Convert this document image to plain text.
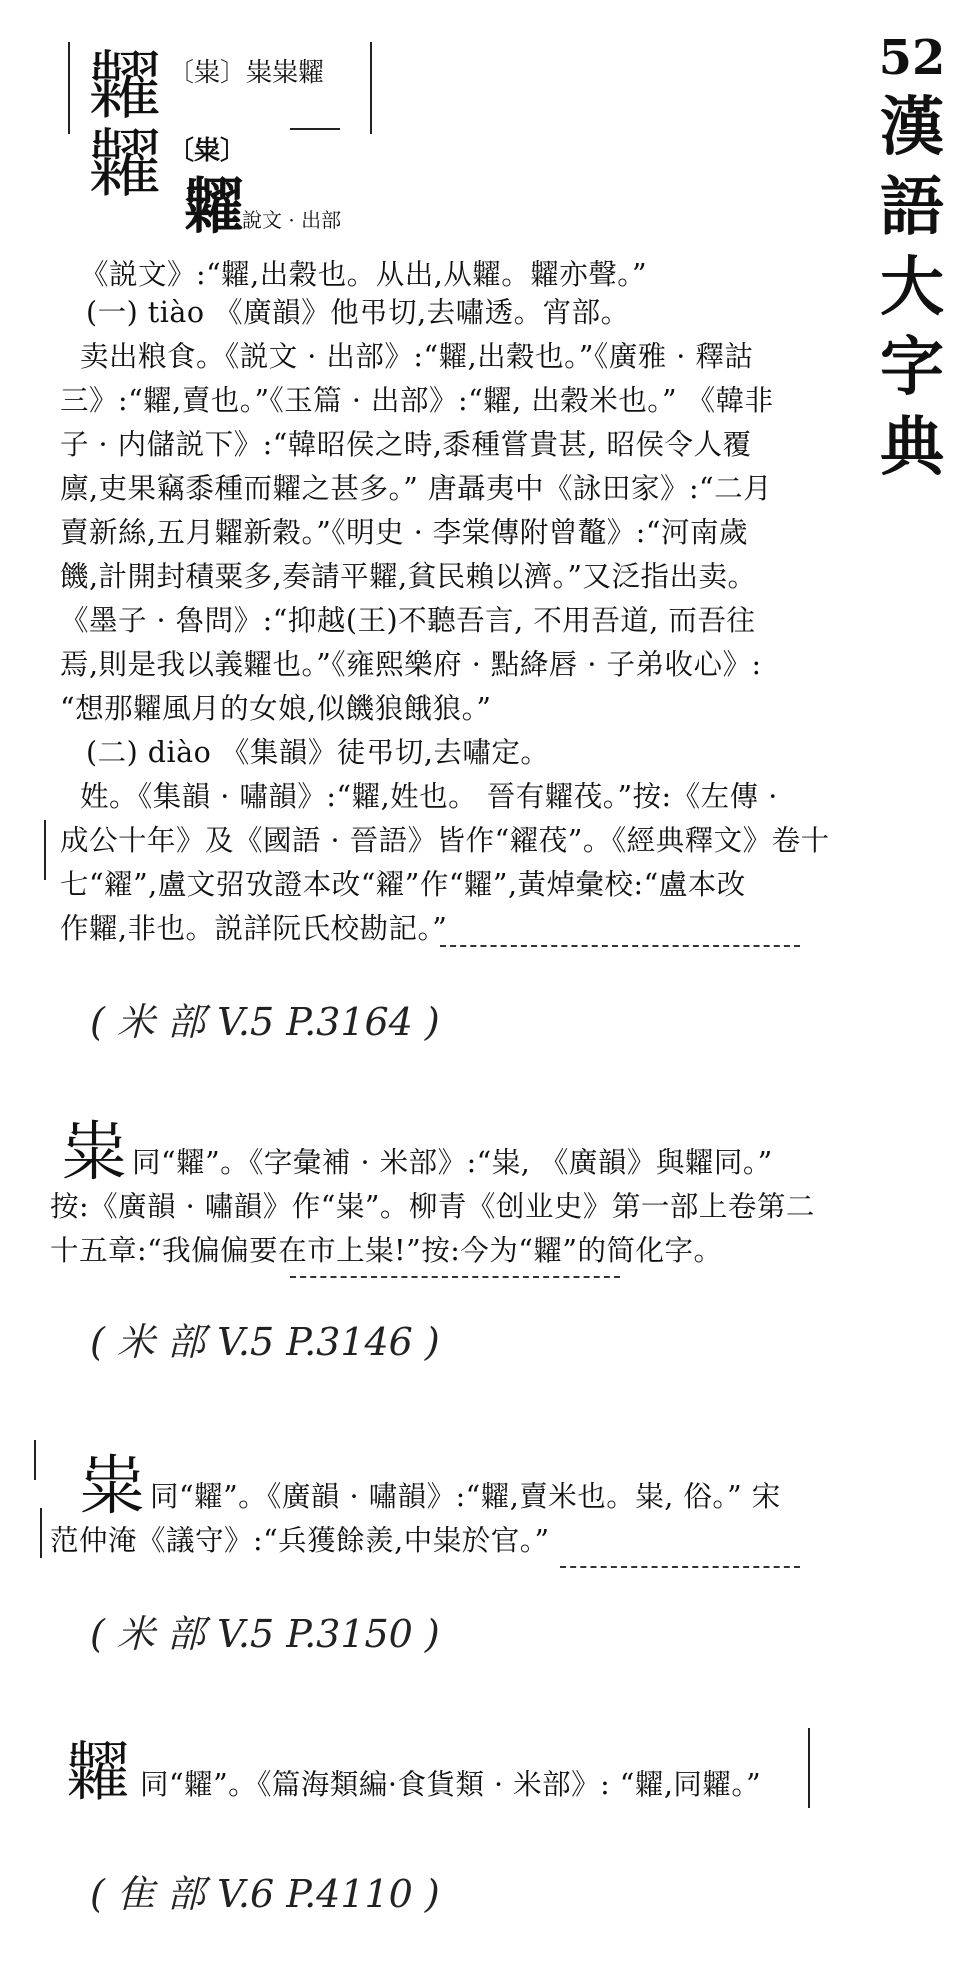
52
漢
語
大
字
典
糶 〔粜〕粜粜糶
糶 〔粜〕
糶
說文 · 出部
《説文》:“糶,出穀也。从出,从糶。糶亦聲。”
(一) tiào 《廣韻》他弔切,去嘯透。宵部。
卖出粮食。《説文 · 出部》:“糶,出穀也。”《廣雅 · 釋詁
三》:“糶,賣也。”《玉篇 · 出部》:“糶, 出穀米也。” 《韓非
子 · 内儲説下》:“韓昭侯之時,黍種嘗貴甚, 昭侯令人覆
廪,吏果竊黍種而糶之甚多。” 唐聶夷中《詠田家》:“二月
賣新絲,五月糶新穀。”《明史 · 李棠傳附曾鼇》:“河南歲
饑,計開封積粟多,奏請平糶,貧民賴以濟。”又泛指出卖。
《墨子 · 魯問》:“抑越(王)不聽吾言, 不用吾道, 而吾往
焉,則是我以義糶也。”《雍熙樂府 · 點絳唇 · 子弟收心》:
“想那糶風月的女娘,似饑狼餓狼。”
(二) diào 《集韻》徒弔切,去嘯定。
姓。《集韻 · 嘯韻》:“糶,姓也。 晉有糶茷。”按:《左傳 ·
成公十年》及《國語 · 晉語》皆作“糴茷”。《經典釋文》卷十
七“糴”,盧文弨攷證本改“糴”作“糶”,黃焯彙校:“盧本改
作糶,非也。説詳阮氏校勘記。”
( 米 部 V.5 P.3164 )
粜 同“糶”。《字彙補 · 米部》:“粜, 《廣韻》與糶同。”
按:《廣韻 · 嘯韻》作“粜”。柳青《创业史》第一部上卷第二
十五章:“我偏偏要在市上粜!”按:今为“糶”的简化字。
( 米 部 V.5 P.3146 )
粜 同“糶”。《廣韻 · 嘯韻》:“糶,賣米也。粜, 俗。” 宋
范仲淹《議守》:“兵獲餘羨,中粜於官。”
( 米 部 V.5 P.3150 )
糶 同“糶”。《篇海類編·食貨類 · 米部》: “糶,同糶。”
( 隹 部 V.6 P.4110 )
